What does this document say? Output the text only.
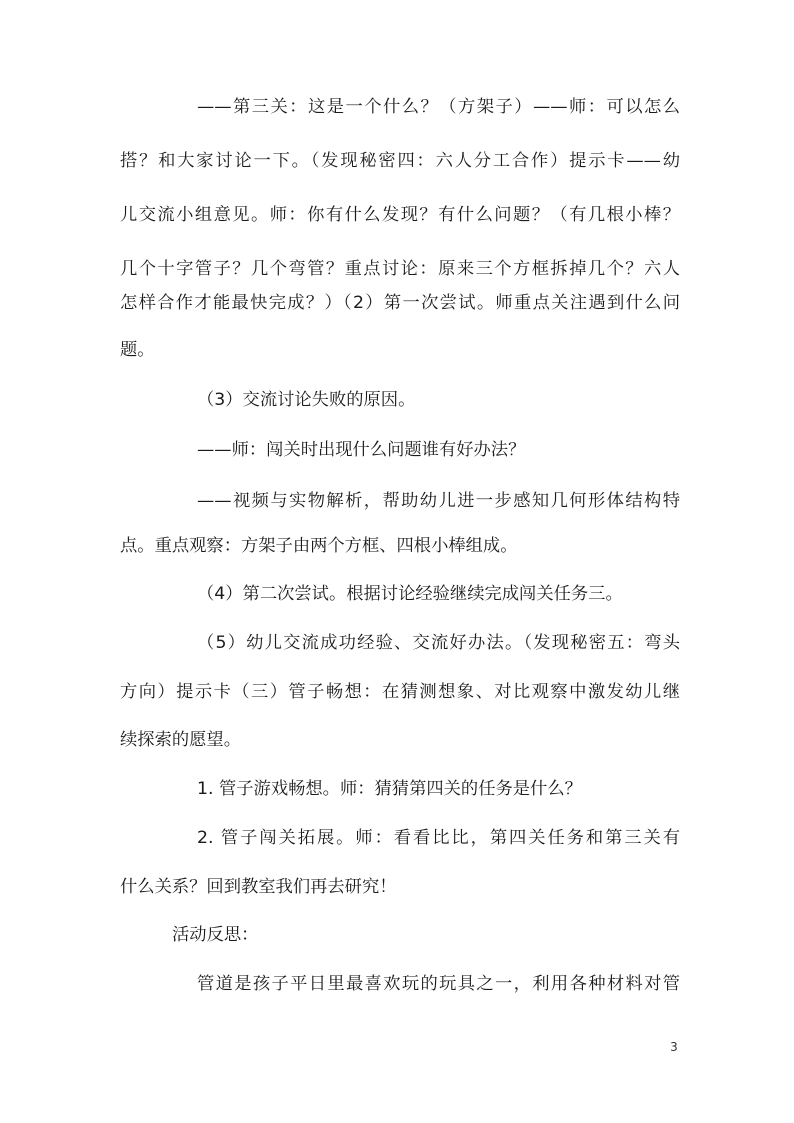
——第三关：这是一个什么？（方架子）——师：可以怎么
搭？和大家讨论一下。（发现秘密四：六人分工合作）提示卡——幼
儿交流小组意见。师：你有什么发现？有什么问题？（有几根小棒？
几个十字管子？几个弯管？重点讨论：原来三个方框拆掉几个？六人
怎样合作才能最快完成？）（2）第一次尝试。师重点关注遇到什么问
题。
（3）交流讨论失败的原因。
——师：闯关时出现什么问题谁有好办法？
——视频与实物解析，帮助幼儿进一步感知几何形体结构特
点。重点观察：方架子由两个方框、四根小棒组成。
（4）第二次尝试。根据讨论经验继续完成闯关任务三。
（5）幼儿交流成功经验、交流好办法。（发现秘密五：弯头
方向）提示卡（三）管子畅想：在猜测想象、对比观察中激发幼儿继
续探索的愿望。
1. 管子游戏畅想。师：猜猜第四关的任务是什么？
2. 管子闯关拓展。师：看看比比，第四关任务和第三关有
什么关系？回到教室我们再去研究！
活动反思：
管道是孩子平日里最喜欢玩的玩具之一，利用各种材料对管
3
